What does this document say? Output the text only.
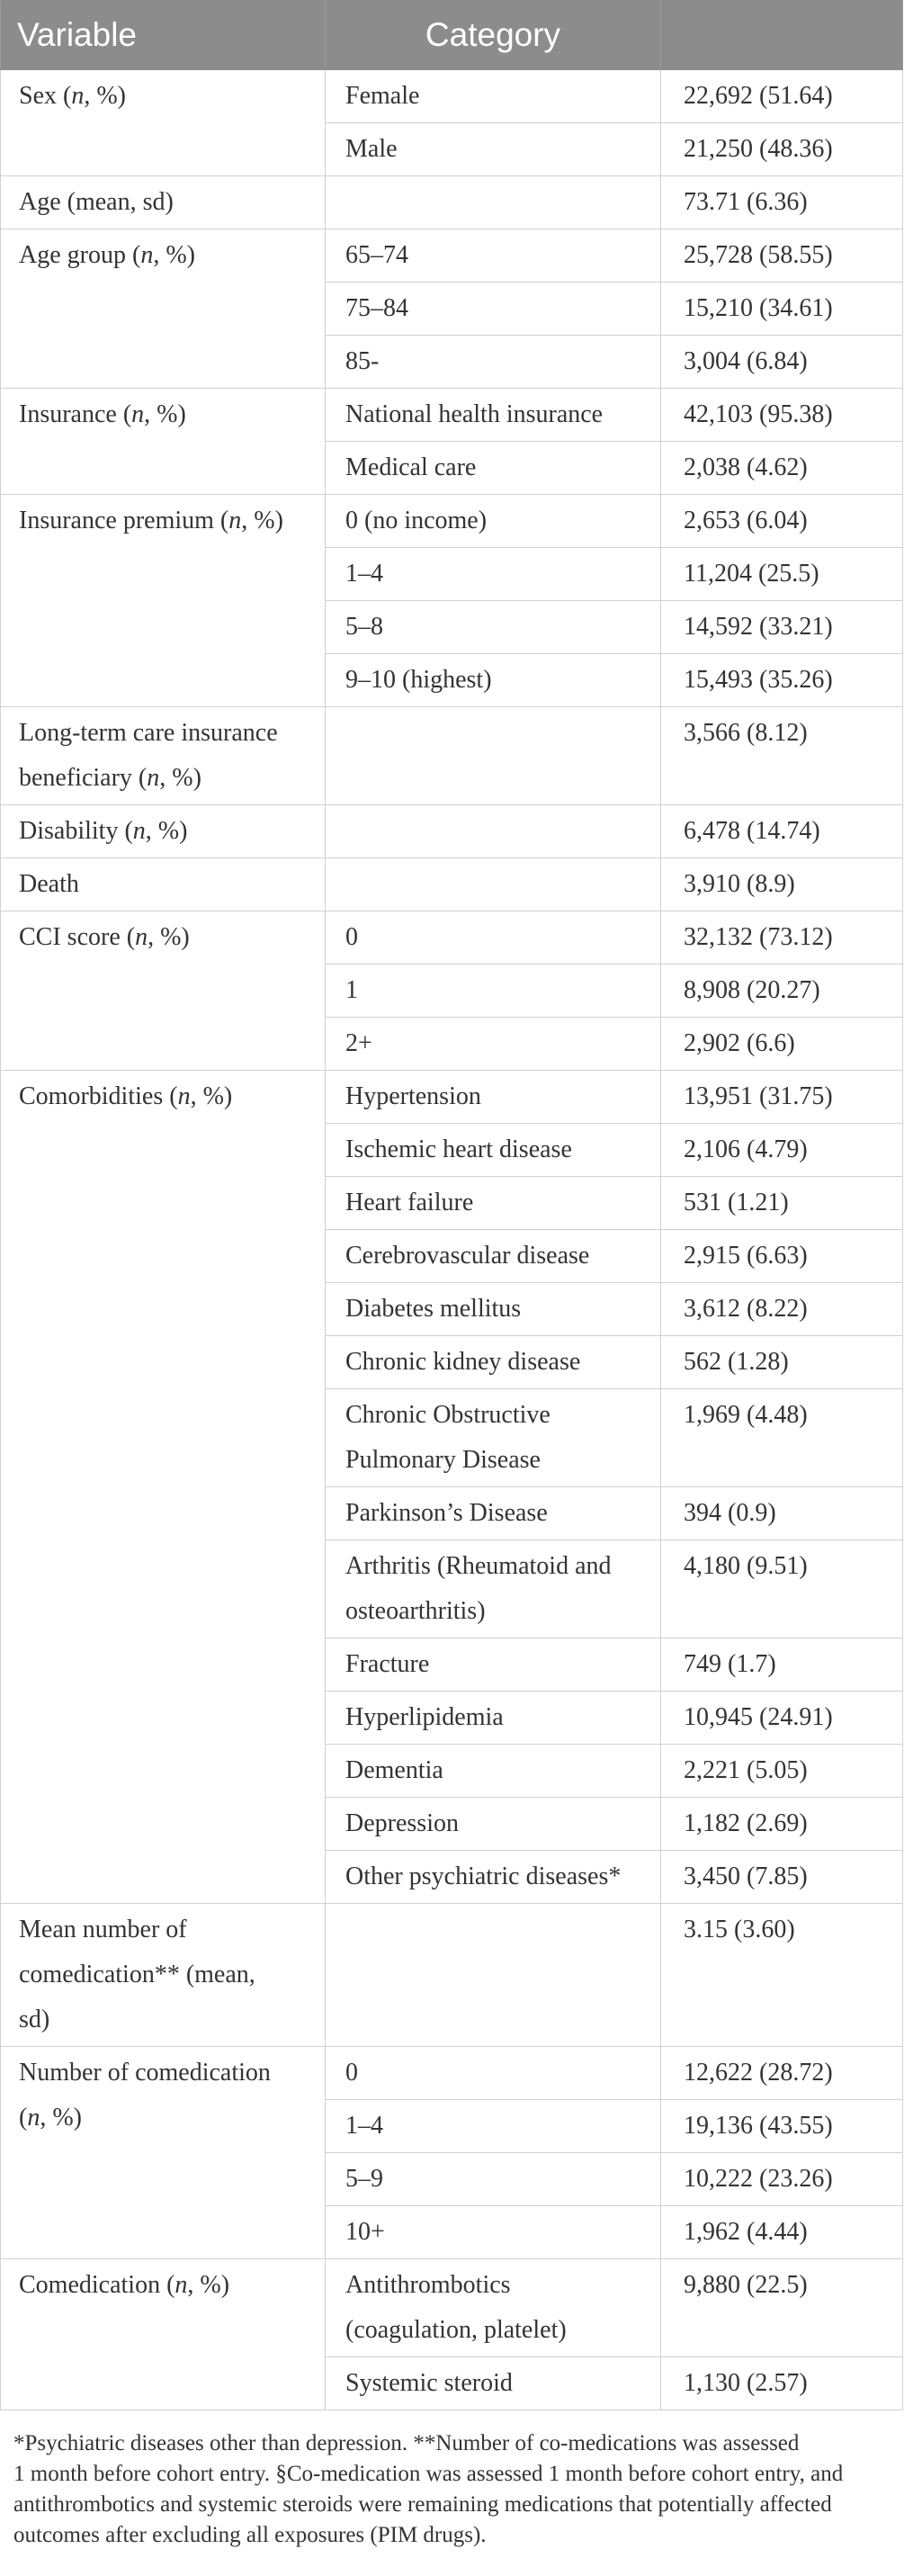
Variable	Category	
Sex (n, %)	Female	22,692 (51.64)
	Male	21,250 (48.36)
Age (mean, sd)		73.71 (6.36)
Age group (n, %)	65–74	25,728 (58.55)
	75–84	15,210 (34.61)
	85-	3,004 (6.84)
Insurance (n, %)	National health insurance	42,103 (95.38)
	Medical care	2,038 (4.62)
Insurance premium (n, %)	0 (no income)	2,653 (6.04)
	1–4	11,204 (25.5)
	5–8	14,592 (33.21)
	9–10 (highest)	15,493 (35.26)
Long-term care insurance
beneficiary (n, %)		3,566 (8.12)
Disability (n, %)		6,478 (14.74)
Death		3,910 (8.9)
CCI score (n, %)	0	32,132 (73.12)
	1	8,908 (20.27)
	2+	2,902 (6.6)
Comorbidities (n, %)	Hypertension	13,951 (31.75)
	Ischemic heart disease	2,106 (4.79)
	Heart failure	531 (1.21)
	Cerebrovascular disease	2,915 (6.63)
	Diabetes mellitus	3,612 (8.22)
	Chronic kidney disease	562 (1.28)
	Chronic Obstructive
Pulmonary Disease	1,969 (4.48)
	Parkinson’s Disease	394 (0.9)
	Arthritis (Rheumatoid and
osteoarthritis)	4,180 (9.51)
	Fracture	749 (1.7)
	Hyperlipidemia	10,945 (24.91)
	Dementia	2,221 (5.05)
	Depression	1,182 (2.69)
	Other psychiatric diseases*	3,450 (7.85)
Mean number of
comedication** (mean,
sd)		3.15 (3.60)
Number of comedication
(n, %)	0	12,622 (28.72)
	1–4	19,136 (43.55)
	5–9	10,222 (23.26)
	10+	1,962 (4.44)
Comedication (n, %)	Antithrombotics
(coagulation, platelet)	9,880 (22.5)
	Systemic steroid	1,130 (2.57)
*Psychiatric diseases other than depression. **Number of co-medications was assessed
1 month before cohort entry. §Co-medication was assessed 1 month before cohort entry, and
antithrombotics and systemic steroids were remaining medications that potentially affected
outcomes after excluding all exposures (PIM drugs).
